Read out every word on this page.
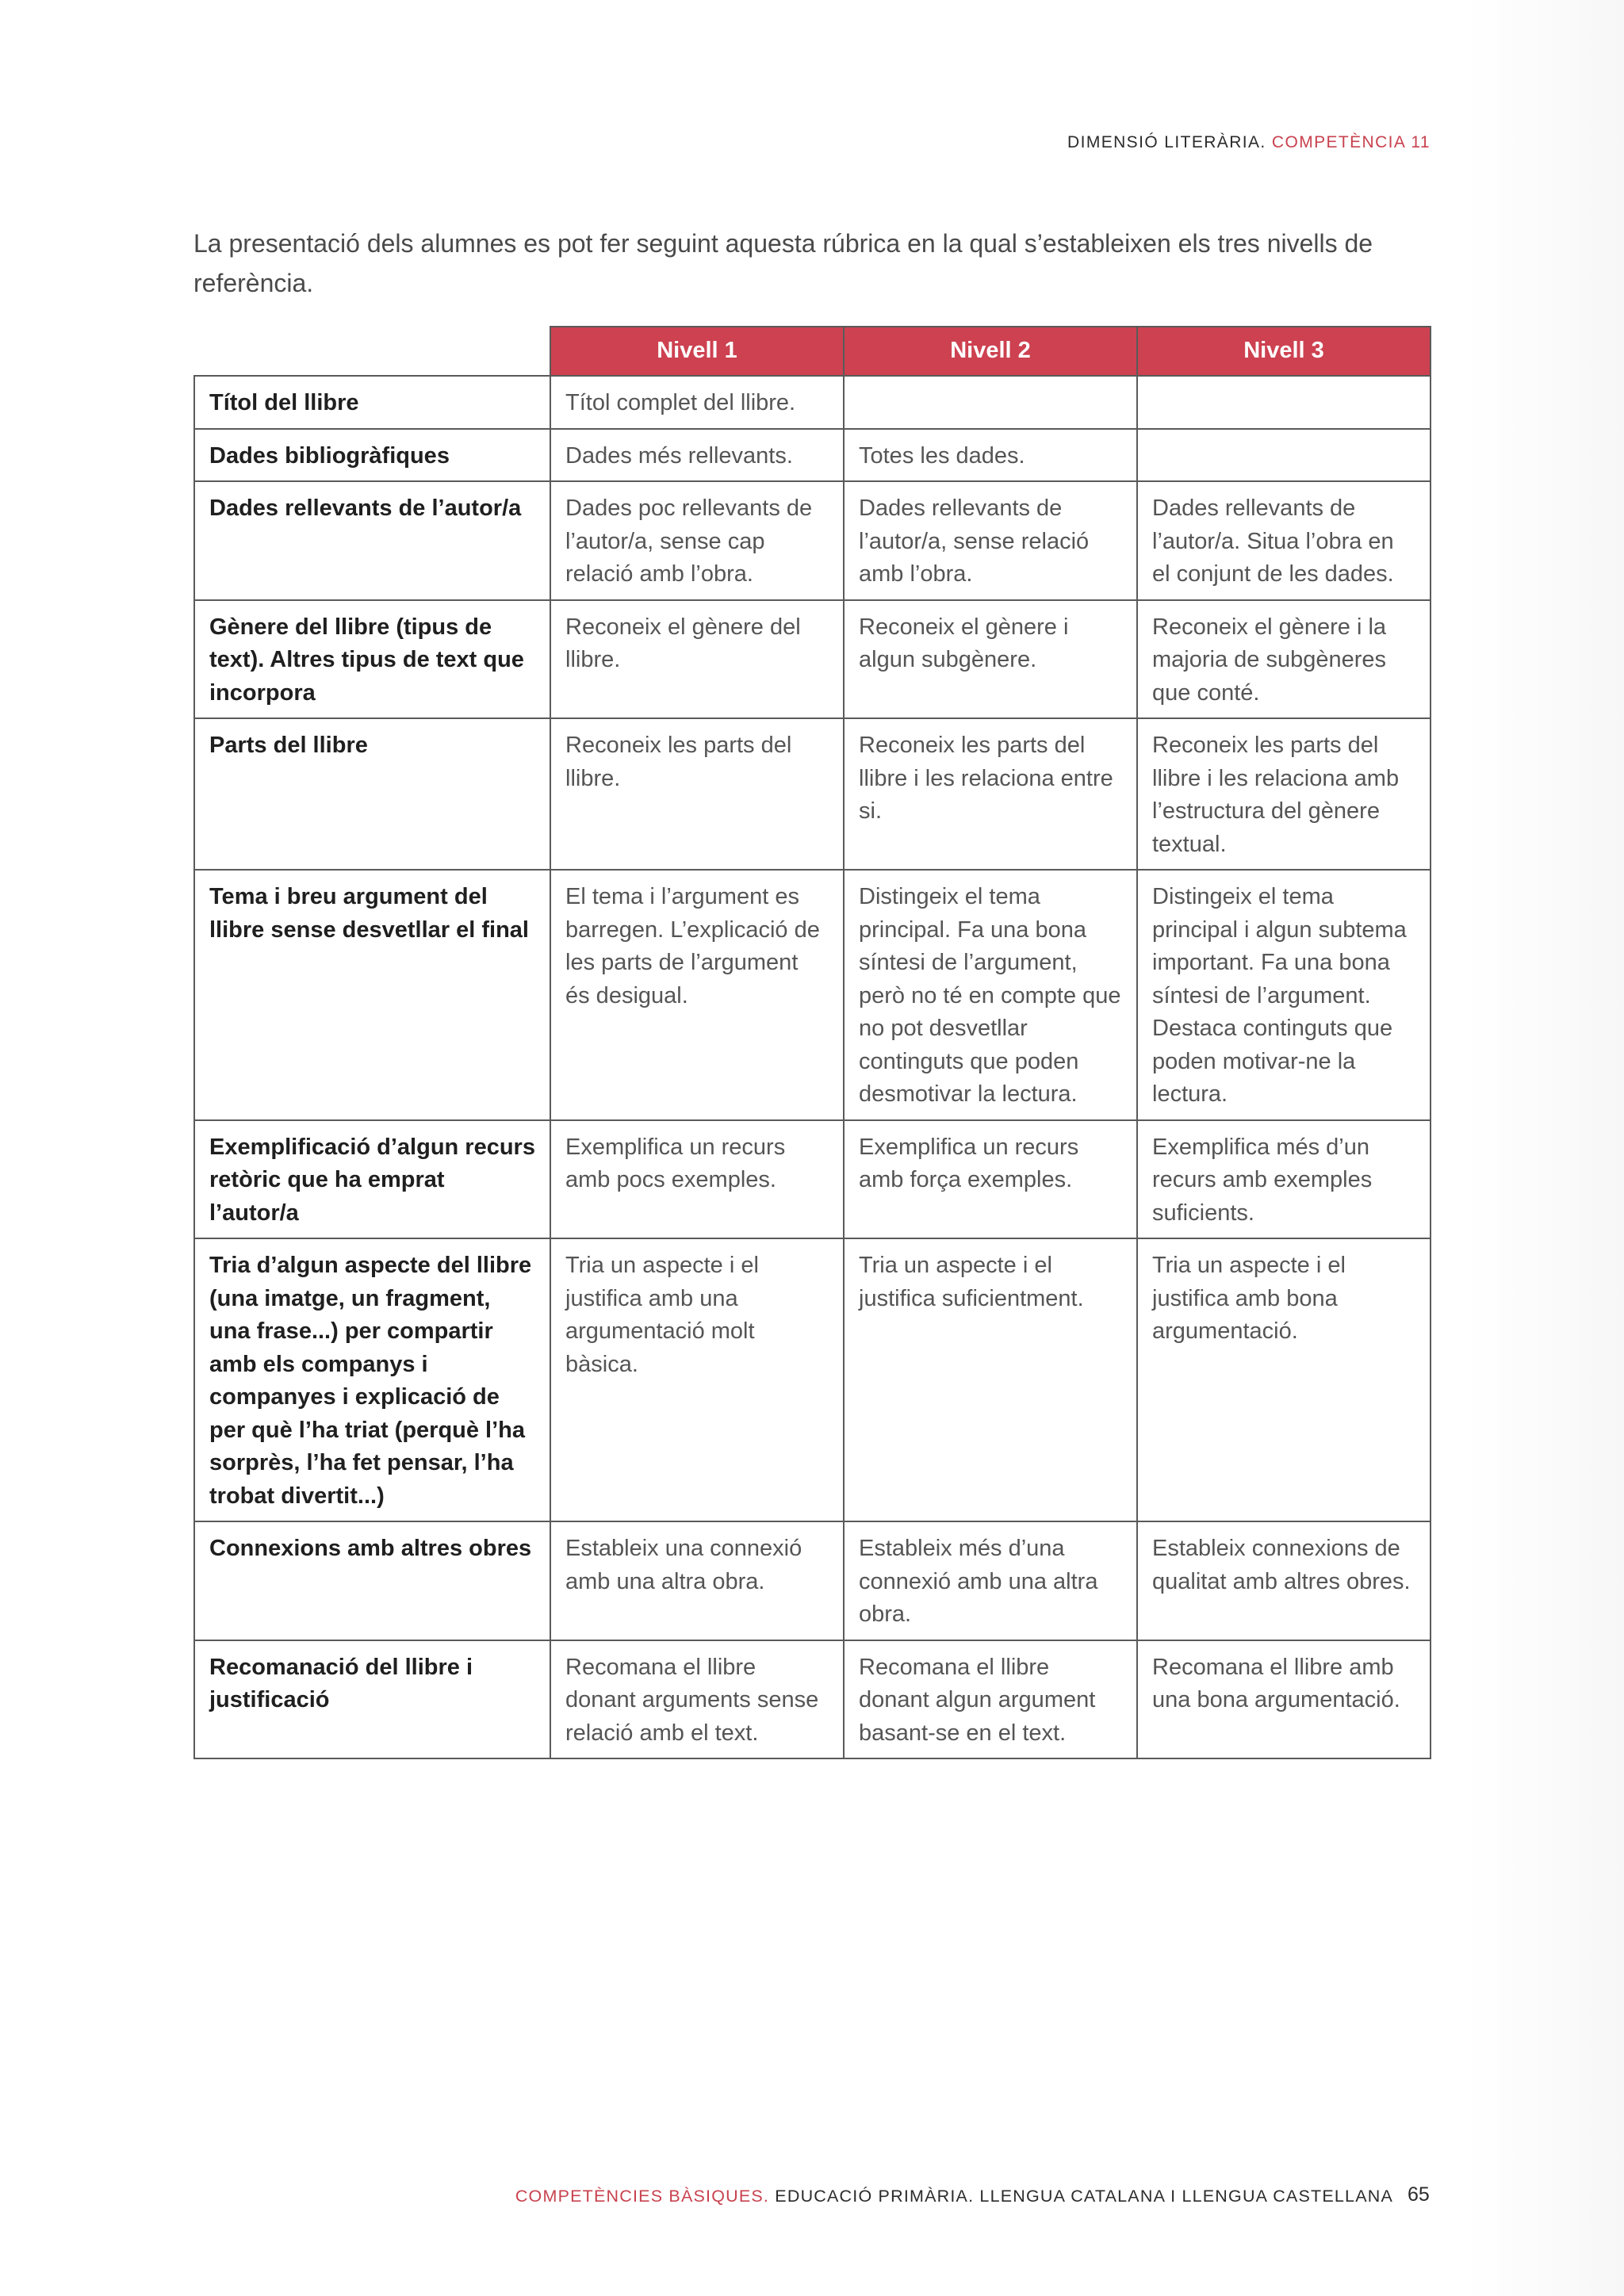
DIMENSIÓ LITERÀRIA. COMPETÈNCIA 11

La presentació dels alumnes es pot fer seguint aquesta rúbrica en la qual s’estableixen els tres nivells de referència.

	Nivell 1	Nivell 2	Nivell 3
Títol del llibre	Títol complet del llibre.		
Dades bibliogràfiques	Dades més rellevants.	Totes les dades.	
Dades rellevants de l’autor/a	Dades poc rellevants de l’autor/a, sense cap relació amb l’obra.	Dades rellevants de l’autor/a, sense relació amb l’obra.	Dades rellevants de l’autor/a. Situa l’obra en el conjunt de les dades.
Gènere del llibre (tipus de text). Altres tipus de text que incorpora	Reconeix el gènere del llibre.	Reconeix el gènere i algun subgènere.	Reconeix el gènere i la majoria de subgèneres que conté.
Parts del llibre	Reconeix les parts del llibre.	Reconeix les parts del llibre i les relaciona entre si.	Reconeix les parts del llibre i les relaciona amb l’estructura del gènere textual.
Tema i breu argument del llibre sense desvetllar el final	El tema i l’argument es barregen. L’explicació de les parts de l’argument és desigual.	Distingeix el tema principal. Fa una bona síntesi de l’argument, però no té en compte que no pot desvetllar continguts que poden desmotivar la lectura.	Distingeix el tema principal i algun subtema important. Fa una bona síntesi de l’argument. Destaca continguts que poden motivar-ne la lectura.
Exemplificació d’algun recurs retòric que ha emprat l’autor/a	Exemplifica un recurs amb pocs exemples.	Exemplifica un recurs amb força exemples.	Exemplifica més d’un recurs amb exemples suficients.
Tria d’algun aspecte del llibre (una imatge, un fragment, una frase...) per compartir amb els companys i companyes i explicació de per què l’ha triat (perquè l’ha sorprès, l’ha fet pensar, l’ha trobat divertit...)	Tria un aspecte i el justifica amb una argumentació molt bàsica.	Tria un aspecte i el justifica suficientment.	Tria un aspecte i el justifica amb bona argumentació.
Connexions amb altres obres	Estableix una connexió amb una altra obra.	Estableix més d’una connexió amb una altra obra.	Estableix connexions de qualitat amb altres obres.
Recomanació del llibre i justificació	Recomana el llibre donant arguments sense relació amb el text.	Recomana el llibre donant algun argument basant-se en el text.	Recomana el llibre amb una bona argumentació.
COMPETÈNCIES BÀSIQUES. EDUCACIÓ PRIMÀRIA. LLENGUA CATALANA I LLENGUA CASTELLANA 65
